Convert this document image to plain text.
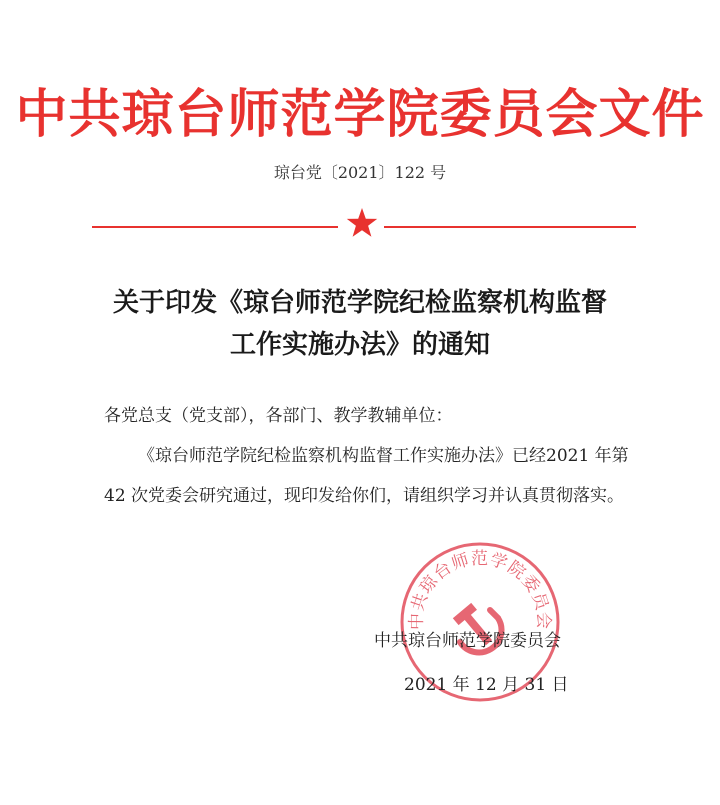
中共琼台师范学院委员会文件
琼台党〔2021〕122 号
关于印发《琼台师范学院纪检监察机构监督
工作实施办法》的通知
各党总支（党支部），各部门、教学教辅单位：
《琼台师范学院纪检监察机构监督工作实施办法》已经2021 年第 42 次党委会研究通过，现印发给你们，请组织学习并认真贯彻落实。
中共琼台师范学院委员会
中共琼台师范学院委员会
2021 年 12 月 31 日
